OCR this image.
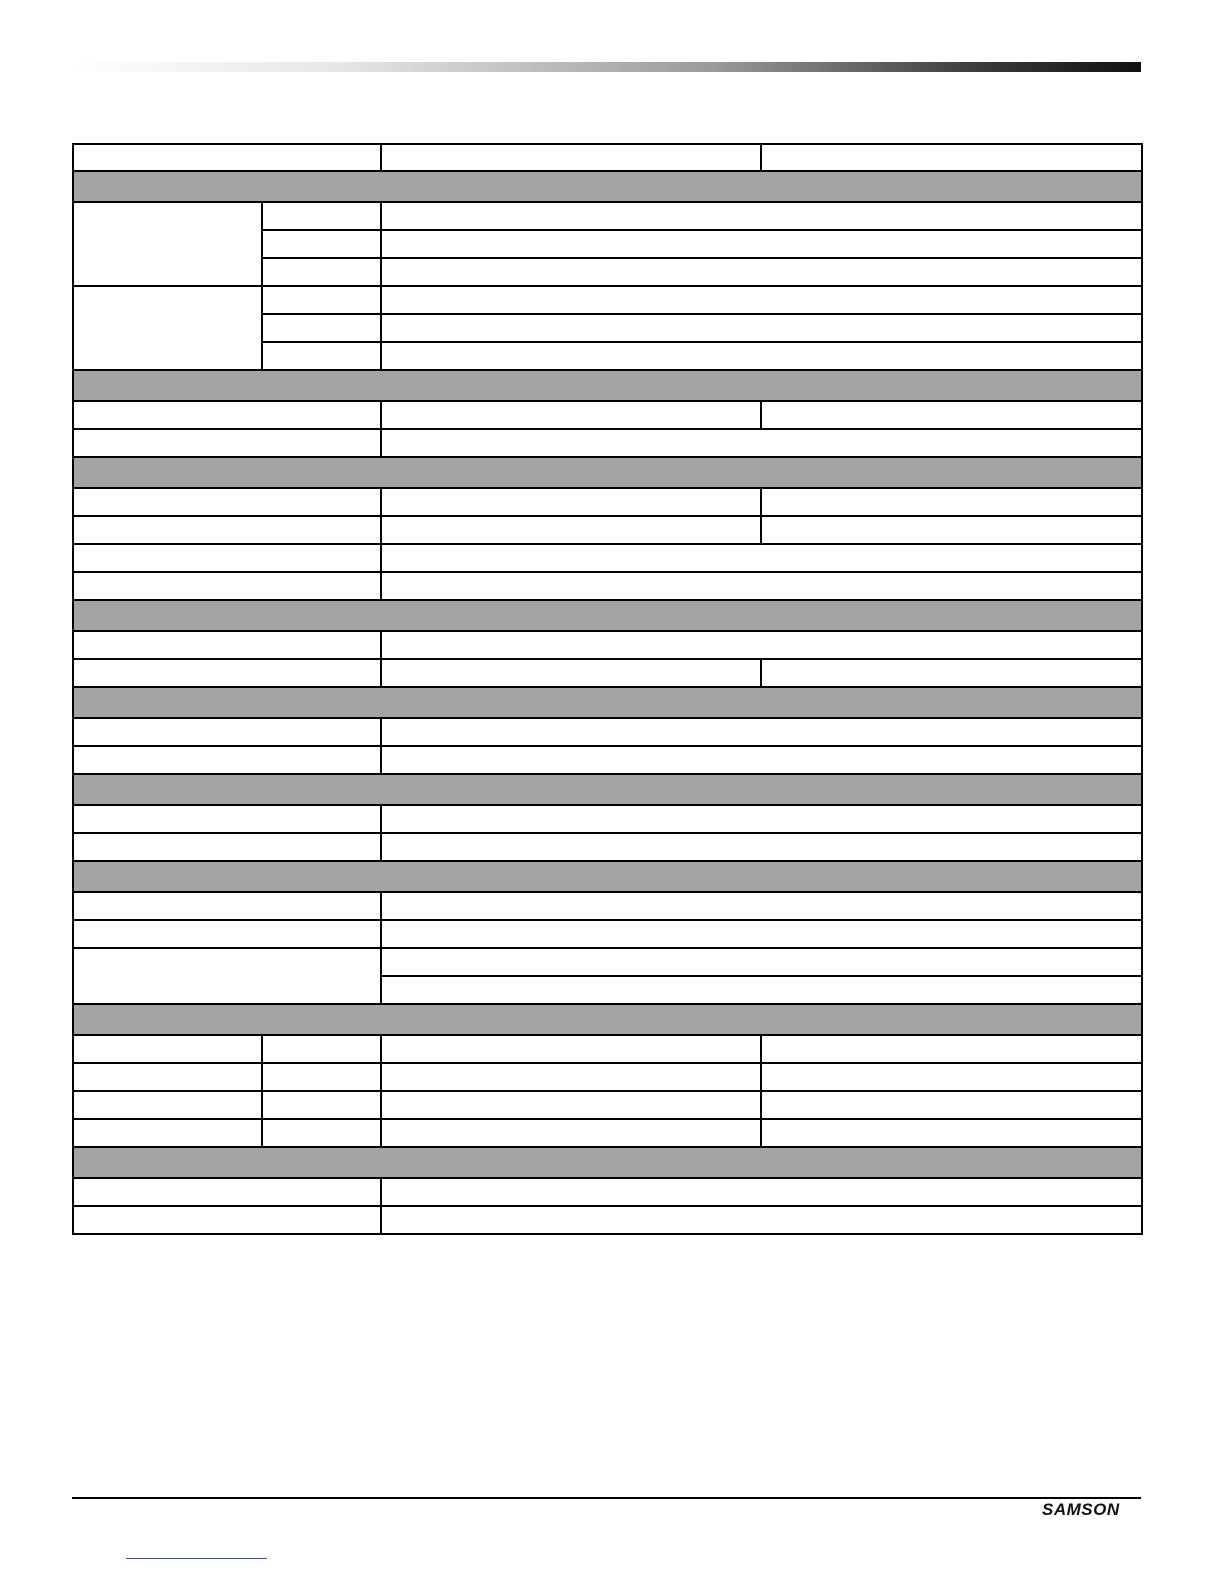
SAMSON
